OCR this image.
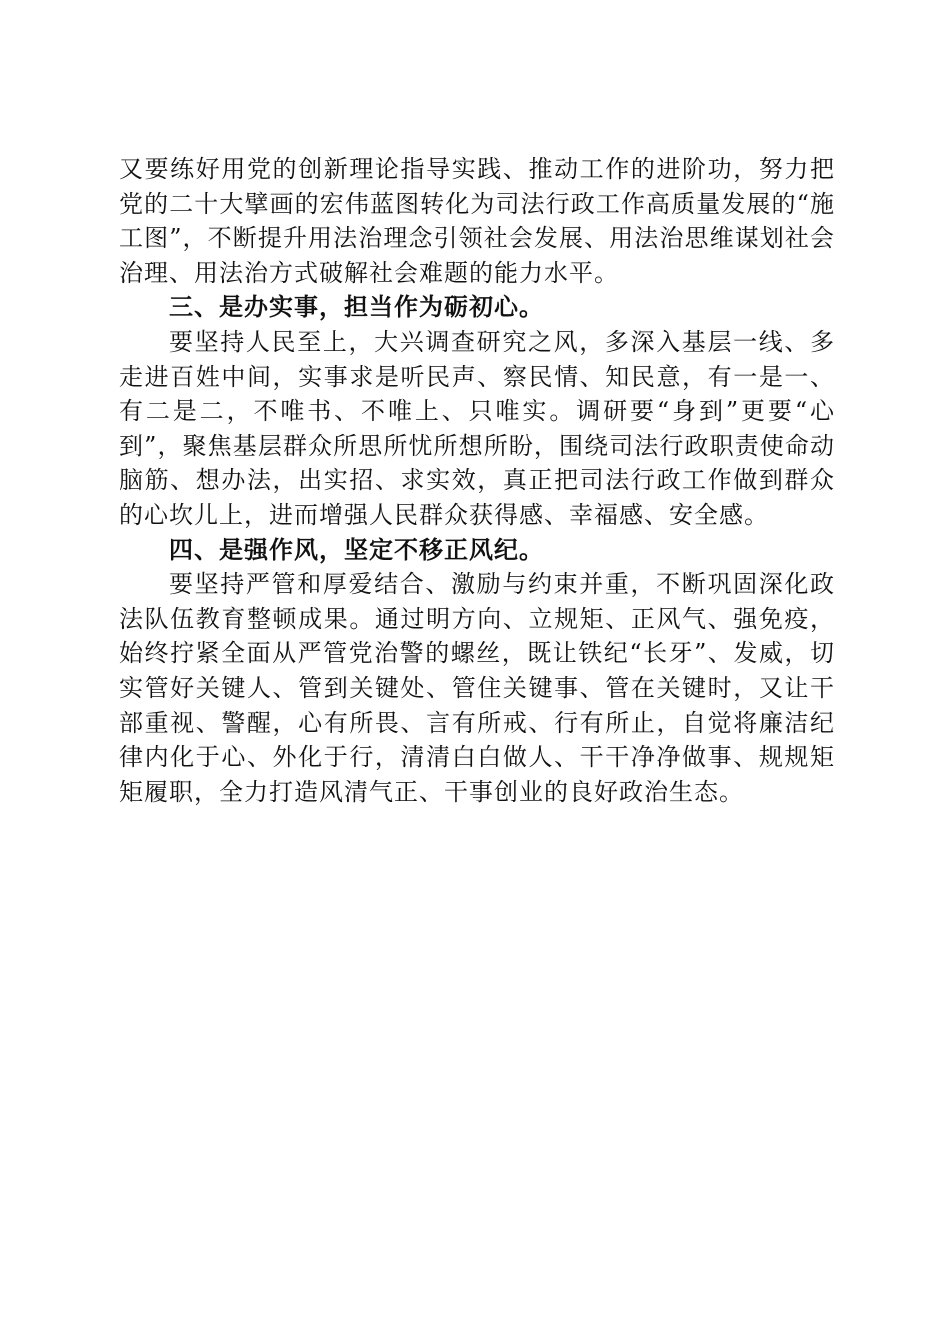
又要练好用党的创新理论指导实践、推动工作的进阶功，努力把党的二十大擘画的宏伟蓝图转化为司法行政工作高质量发展的“施工图”，不断提升用法治理念引领社会发展、用法治思维谋划社会治理、用法治方式破解社会难题的能力水平。

三、是办实事，担当作为砺初心。

要坚持人民至上，大兴调查研究之风，多深入基层一线、多走进百姓中间，实事求是听民声、察民情、知民意，有一是一、有二是二，不唯书、不唯上、只唯实。调研要“身到”更要“心到”，聚焦基层群众所思所忧所想所盼，围绕司法行政职责使命动脑筋、想办法，出实招、求实效，真正把司法行政工作做到群众的心坎儿上，进而增强人民群众获得感、幸福感、安全感。

四、是强作风，坚定不移正风纪。

要坚持严管和厚爱结合、激励与约束并重，不断巩固深化政法队伍教育整顿成果。通过明方向、立规矩、正风气、强免疫，始终拧紧全面从严管党治警的螺丝，既让铁纪“长牙”、发威，切实管好关键人、管到关键处、管住关键事、管在关键时，又让干部重视、警醒，心有所畏、言有所戒、行有所止，自觉将廉洁纪律内化于心、外化于行，清清白白做人、干干净净做事、规规矩矩履职，全力打造风清气正、干事创业的良好政治生态。
